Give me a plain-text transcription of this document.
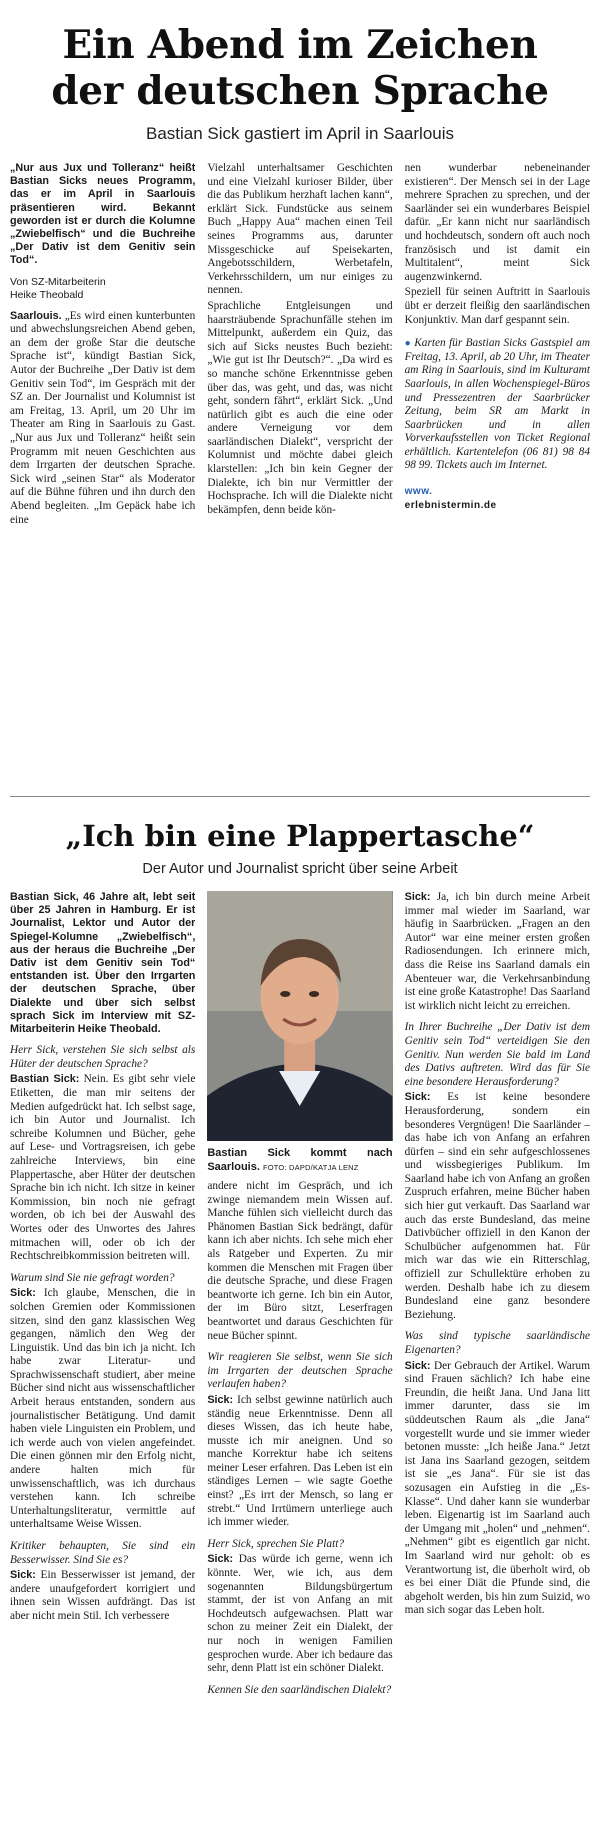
Ein Abend im Zeichen
der deutschen Sprache

Bastian Sick gastiert im April in Saarlouis

„Nur aus Jux und Tolleranz“ heißt Bastian Sicks neues Programm, das er im April in Saarlouis präsentieren wird. Bekannt geworden ist er durch die Kolumne „Zwiebelfisch“ und die Buchreihe „Der Dativ ist dem Genitiv sein Tod“.

Von SZ-Mitarbeiterin
Heike Theobald

Saarlouis. „Es wird einen kunterbunten und abwechslungsreichen Abend geben, an dem der große Star die deutsche Sprache ist“, kündigt Bastian Sick, Autor der Buchreihe „Der Dativ ist dem Genitiv sein Tod“, im Gespräch mit der SZ an. Der Journalist und Kolumnist ist am Freitag, 13. April, um 20 Uhr im Theater am Ring in Saarlouis zu Gast. „Nur aus Jux und Tolleranz“ heißt sein Programm mit neuen Geschichten aus dem Irrgarten der deutschen Sprache. Sick wird „seinen Star“ als Moderator auf die Bühne führen und ihn durch den Abend begleiten. „Im Gepäck habe ich eine

Vielzahl unterhaltsamer Geschichten und eine Vielzahl kurioser Bilder, über die das Publikum herzhaft lachen kann“, erklärt Sick. Fundstücke aus seinem Buch „Happy Aua“ machen einen Teil seines Programms aus, darunter Missgeschicke auf Speisekarten, Angebotsschildern, Werbetafeln, Verkehrsschildern, um nur einiges zu nennen.

Sprachliche Entgleisungen und haarsträubende Sprachunfälle stehen im Mittelpunkt, außerdem ein Quiz, das sich auf Sicks neustes Buch bezieht: „Wie gut ist Ihr Deutsch?“. „Da wird es so manche schöne Erkenntnisse geben über das, was geht, und das, was nicht geht, sondern fährt“, erklärt Sick. „Und natürlich gibt es auch die eine oder andere Verneigung vor dem saarländischen Dialekt“, verspricht der Kolumnist und möchte dabei gleich klarstellen: „Ich bin kein Gegner der Dialekte, ich bin nur Vermittler der Hochsprache. Ich will die Dialekte nicht bekämpfen, denn beide kön-

nen wunderbar nebeneinander existieren“. Der Mensch sei in der Lage mehrere Sprachen zu sprechen, und der Saarländer sei ein wunderbares Beispiel dafür. „Er kann nicht nur saarländisch und hochdeutsch, sondern oft auch noch französisch und ist damit ein Multitalent“, meint Sick augenzwinkernd.

Speziell für seinen Auftritt in Saarlouis übt er derzeit fleißig den saarländischen Konjunktiv. Man darf gespannt sein.

● Karten für Bastian Sicks Gastspiel am Freitag, 13. April, ab 20 Uhr, im Theater am Ring in Saarlouis, sind im Kulturamt Saarlouis, in allen Wochenspiegel-Büros und Pressezentren der Saarbrücker Zeitung, beim SR am Markt in Saarbrücken und in allen Vorverkaufsstellen von Ticket Regional erhältlich. Kartentelefon (06 81) 98 84 98 99. Tickets auch im Internet.

www.
erlebnistermin.de

„Ich bin eine Plappertasche“

Der Autor und Journalist spricht über seine Arbeit

Bastian Sick, 46 Jahre alt, lebt seit über 25 Jahren in Hamburg. Er ist Journalist, Lektor und Autor der Spiegel-Kolumne „Zwiebelfisch“, aus der heraus die Buchreihe „Der Dativ ist dem Genitiv sein Tod“ entstanden ist. Über den Irrgarten der deutschen Sprache, über Dialekte und über sich selbst sprach Sick im Interview mit SZ-Mitarbeiterin Heike Theobald.

Herr Sick, verstehen Sie sich selbst als Hüter der deutschen Sprache?

Bastian Sick: Nein. Es gibt sehr viele Etiketten, die man mir seitens der Medien aufgedrückt hat. Ich selbst sage, ich bin Autor und Journalist. Ich schreibe Kolumnen und Bücher, gehe auf Lese- und Vortragsreisen, ich gebe zahlreiche Interviews, bin eine Plappertasche, aber Hüter der deutschen Sprache bin ich nicht. Ich sitze in keiner Kommission, bin noch nie gefragt worden, ob ich bei der Auswahl des Wortes oder des Unwortes des Jahres mitmachen will, oder ob ich der Rechtschreibkommission beitreten will.

Warum sind Sie nie gefragt worden?

Sick: Ich glaube, Menschen, die in solchen Gremien oder Kommissionen sitzen, sind den ganz klassischen Weg gegangen, nämlich den Weg der Linguistik. Und das bin ich ja nicht. Ich habe zwar Literatur- und Sprachwissenschaft studiert, aber meine Bücher sind nicht aus wissenschaftlicher Arbeit heraus entstanden, sondern aus journalistischer Betätigung. Und damit haben viele Linguisten ein Problem, und ich werde auch von vielen angefeindet. Die einen gönnen mir den Erfolg nicht, andere halten mich für unwissenschaftlich, was ich durchaus verstehen kann. Ich schreibe Unterhaltungsliteratur, vermittle auf unterhaltsame Weise Wissen.

Kritiker behaupten, Sie sind ein Besserwisser. Sind Sie es?

Sick: Ein Besserwisser ist jemand, der andere unaufgefordert korrigiert und ihnen sein Wissen aufdrängt. Das ist aber nicht mein Stil. Ich verbessere

Bastian Sick kommt nach Saarlouis. FOTO: DAPD/KATJA LENZ

andere nicht im Gespräch, und ich zwinge niemandem mein Wissen auf. Manche fühlen sich vielleicht durch das Phänomen Bastian Sick bedrängt, dafür kann ich aber nichts. Ich sehe mich eher als Ratgeber und Experten. Zu mir kommen die Menschen mit Fragen über die deutsche Sprache, und diese Fragen beantworte ich gerne. Ich bin ein Autor, der im Büro sitzt, Leserfragen beantwortet und daraus Geschichten für neue Bücher spinnt.

Wir reagieren Sie selbst, wenn Sie sich im Irrgarten der deutschen Sprache verlaufen haben?

Sick: Ich selbst gewinne natürlich auch ständig neue Erkenntnisse. Denn all dieses Wissen, das ich heute habe, musste ich mir aneignen. Und so manche Korrektur habe ich seitens meiner Leser erfahren. Das Leben ist ein ständiges Lernen – wie sagte Goethe einst? „Es irrt der Mensch, so lang er strebt.“ Und Irrtümern unterliege auch ich immer wieder.

Herr Sick, sprechen Sie Platt?

Sick: Das würde ich gerne, wenn ich könnte. Wer, wie ich, aus dem sogenannten Bildungsbürgertum stammt, der ist von Anfang an mit Hochdeutsch aufgewachsen. Platt war schon zu meiner Zeit ein Dialekt, der nur noch in wenigen Familien gesprochen wurde. Aber ich bedaure das sehr, denn Platt ist ein schöner Dialekt.

Kennen Sie den saarländischen Dialekt?

Sick: Ja, ich bin durch meine Arbeit immer mal wieder im Saarland, war häufig in Saarbrücken. „Fragen an den Autor“ war eine meiner ersten großen Radiosendungen. Ich erinnere mich, dass die Reise ins Saarland damals ein Abenteuer war, die Verkehrsanbindung ist eine große Katastrophe! Das Saarland ist wirklich nicht leicht zu erreichen.

In Ihrer Buchreihe „Der Dativ ist dem Genitiv sein Tod“ verteidigen Sie den Genitiv. Nun werden Sie bald im Land des Dativs auftreten. Wird das für Sie eine besondere Herausforderung?

Sick: Es ist keine besondere Herausforderung, sondern ein besonderes Vergnügen! Die Saarländer – das habe ich von Anfang an erfahren dürfen – sind ein sehr aufgeschlossenes und wissbegieriges Publikum. Im Saarland habe ich von Anfang an großen Zuspruch erfahren, meine Bücher haben sich hier gut verkauft. Das Saarland war auch das erste Bundesland, das meine Dativbücher offiziell in den Kanon der Schulbücher aufgenommen hat. Für mich war das wie ein Ritterschlag, offiziell zur Schullektüre erhoben zu werden. Deshalb habe ich zu diesem Bundesland eine ganz besondere Beziehung.

Was sind typische saarländische Eigenarten?

Sick: Der Gebrauch der Artikel. Warum sind Frauen sächlich? Ich habe eine Freundin, die heißt Jana. Und Jana litt immer darunter, dass sie im süddeutschen Raum als „die Jana“ vorgestellt wurde und sie immer wieder betonen musste: „Ich heiße Jana.“ Jetzt ist Jana ins Saarland gezogen, seitdem ist sie „es Jana“. Für sie ist das sozusagen ein Aufstieg in die „Es-Klasse“. Und daher kann sie wunderbar leben. Eigenartig ist im Saarland auch der Umgang mit „holen“ und „nehmen“. „Nehmen“ gibt es eigentlich gar nicht. Im Saarland wird nur geholt: ob es Verantwortung ist, die überholt wird, ob es bei einer Diät die Pfunde sind, die abgeholt werden, bis hin zum Suizid, wo man sich sogar das Leben holt.
